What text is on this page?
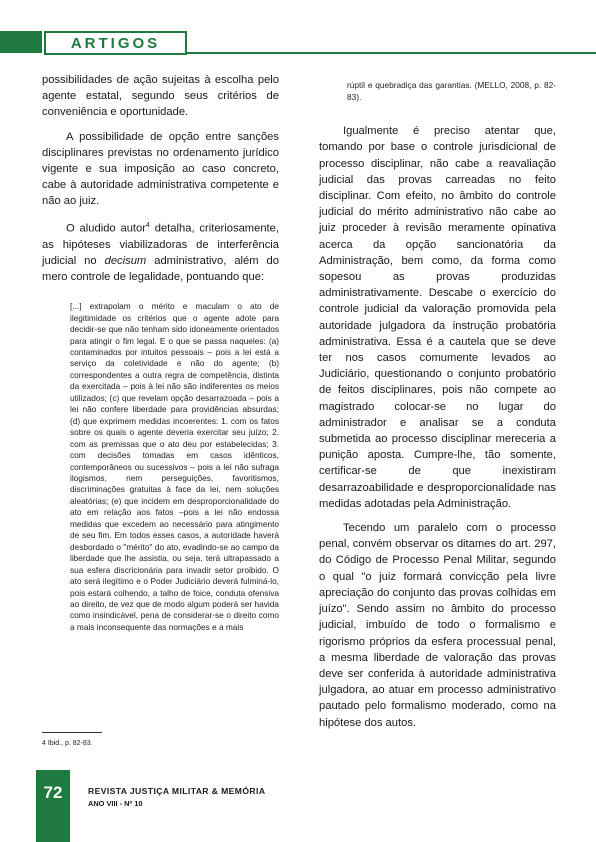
ARTIGOS

possibilidades de ação sujeitas à escolha pelo agente estatal, segundo seus critérios de conveniência e oportunidade.

A possibilidade de opção entre sanções disciplinares previstas no ordenamento jurídico vigente e sua imposição ao caso concreto, cabe à autoridade administrativa competente e não ao juiz.

O aludido autor$^4$ detalha, criteriosamente, as hipóteses viabilizadoras de interferência judicial no decisum administrativo, além do mero controle de legalidade, pontuando que:

[...] extrapolam o mérito e maculam o ato de ilegitimidade os critérios que o agente adote para decidir-se que não tenham sido idoneamente orientados para atingir o fim legal. E o que se passa naqueles: (a) contaminados por intuitos pessoais – pois a lei está a serviço da coletividade e não do agente; (b) correspondentes a outra regra de competência, distinta da exercitada – pois à lei não são indiferentes os meios utilizados; (c) que revelam opção desarrazoada – pois a lei não confere liberdade para providências absurdas; (d) que exprimem medidas incoerentes: 1. com os fatos sobre os quais o agente deveria exercitar seu juízo; 2. com as premissas que o ato deu por estabelecidas; 3. com decisões tomadas em casos idênticos, contemporâneos ou sucessivos – pois a lei não sufraga ilogismos, nem perseguições, favoritismos, discriminações gratuitas à face da lei, nem soluções aleatórias; (e) que incidem em desproporcionalidade do ato em relação aos fatos –pois a lei não endossa medidas que excedem ao necessário para atingimento de seu fim. Em todos esses casos, a autoridade haverá desbordado o "mérito" do ato, evadindo-se ao campo da liberdade que lhe assistia, ou seja, terá ultrapassado a sua esfera discricionária para invadir setor proibido. O ato será ilegítimo e o Poder Judiciário deverá fulminá-lo, pois estará colhendo, a talho de foice, conduta ofensiva ao direito, de vez que de modo algum poderá ser havida como insindicável, pena de considerar-se o direito como a mais inconsequente das normações e a mais

rúptil e quebradiça das garantias. (MELLO, 2008, p. 82-83).

Igualmente é preciso atentar que, tomando por base o controle jurisdicional de processo disciplinar, não cabe a reavaliação judicial das provas carreadas no feito disciplinar. Com efeito, no âmbito do controle judicial do mérito administrativo não cabe ao juiz proceder à revisão meramente opinativa acerca da opção sancionatória da Administração, bem como, da forma como sopesou as provas produzidas administrativamente. Descabe o exercício do controle judicial da valoração promovida pela autoridade julgadora da instrução probatória administrativa. Essa é a cautela que se deve ter nos casos comumente levados ao Judiciário, questionando o conjunto probatório de feitos disciplinares, pois não compete ao magistrado colocar-se no lugar do administrador e analisar se a conduta submetida ao processo disciplinar mereceria a punição aposta. Cumpre-lhe, tão somente, certificar-se de que inexistiram desarrazoabilidade e desproporcionalidade nas medidas adotadas pela Administração.

Tecendo um paralelo com o processo penal, convém observar os ditames do art. 297, do Código de Processo Penal Militar, segundo o qual "o juiz formará convicção pela livre apreciação do conjunto das provas colhidas em juízo". Sendo assim no âmbito do processo judicial, imbuído de todo o formalismo e rigorismo próprios da esfera processual penal, a mesma liberdade de valoração das provas deve ser conferida à autoridade administrativa julgadora, ao atuar em processo administrativo pautado pelo formalismo moderado, como na hipótese dos autos.

4 Ibid., p. 82-83.
72	REVISTA JUSTIÇA MILITAR & MEMÓRIA
ANO VIII - Nº 10
